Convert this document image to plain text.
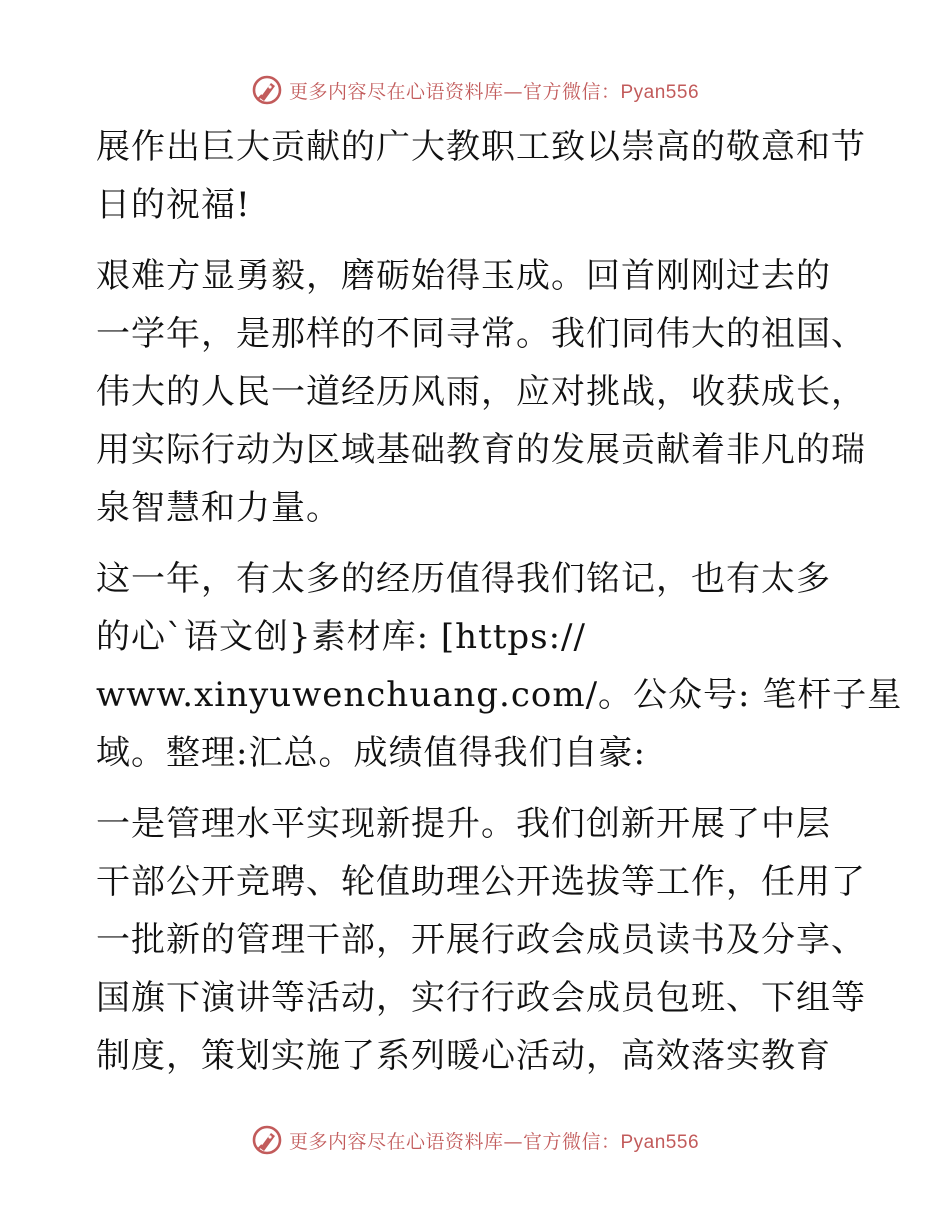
更多内容尽在心语资料库—官方微信：Pyan556

展作出巨大贡献的广大教职工致以崇高的敬意和节
日的祝福!

艰难方显勇毅，磨砺始得玉成。回首刚刚过去的
一学年，是那样的不同寻常。我们同伟大的祖国、
伟大的人民一道经历风雨，应对挑战，收获成长，
用实际行动为区域基础教育的发展贡献着非凡的瑞
泉智慧和力量。

这一年，有太多的经历值得我们铭记，也有太多
的心`语文创}素材库: [https://
www.xinyuwenchuang.com/。公众号: 笔杆子星
域。整理:汇总。成绩值得我们自豪:

一是管理水平实现新提升。我们创新开展了中层
干部公开竞聘、轮值助理公开选拔等工作，任用了
一批新的管理干部，开展行政会成员读书及分享、
国旗下演讲等活动，实行行政会成员包班、下组等
制度，策划实施了系列暖心活动，高效落实教育

更多内容尽在心语资料库—官方微信：Pyan556
